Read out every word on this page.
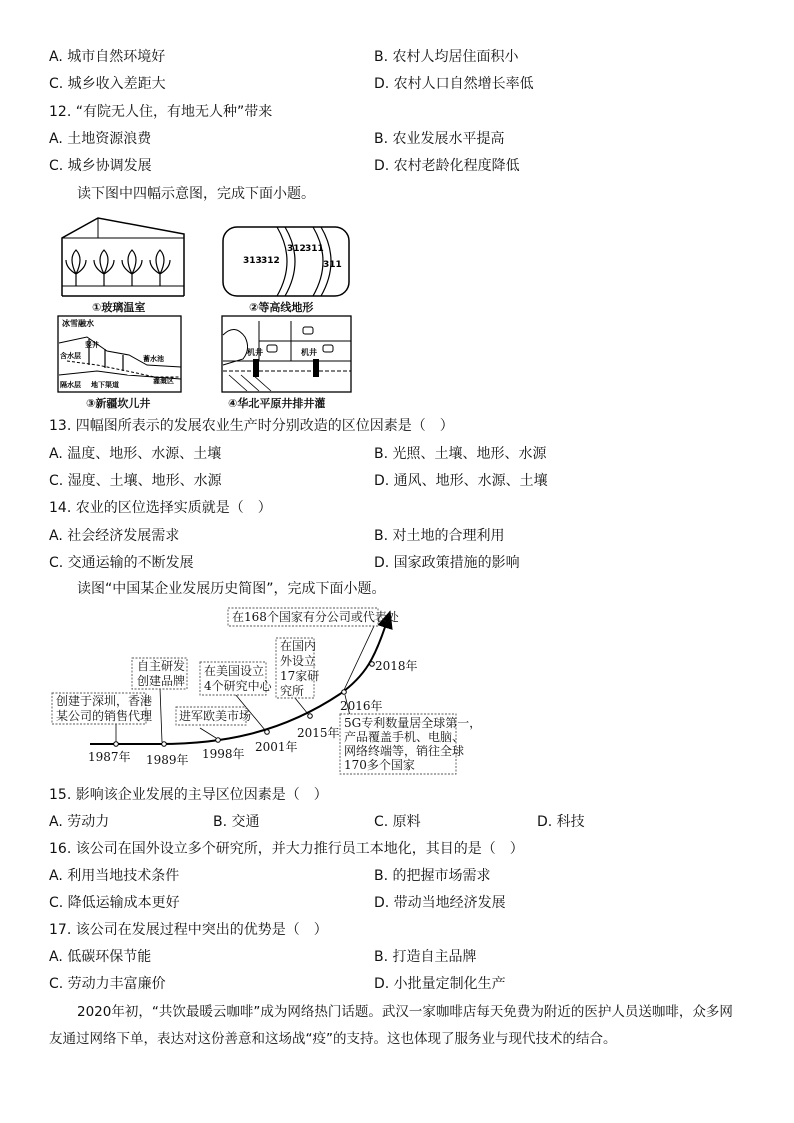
A. 城市自然环境好	B. 农村人均居住面积小
C. 城乡收入差距大	D. 农村人口自然增长率低
12. “有院无人住，有地无人种”带来
A. 土地资源浪费	B. 农业发展水平提高
C. 城乡协调发展	D. 农村老龄化程度降低
读下图中四幅示意图，完成下面小题。
①玻璃温室
313 312
312 311
311
②等高线地形
冰雪融水
含水层
竖井
蓄水池
隔水层 地下渠道	灌溉区
③新疆坎儿井
机井	机井
④华北平原井排井灌
13. 四幅图所表示的发展农业生产时分别改造的区位因素是（　）
A. 温度、地形、水源、土壤	B. 光照、土壤、地形、水源
C. 湿度、土壤、地形、水源	D. 通风、地形、水源、土壤
14. 农业的区位选择实质就是（　）
A. 社会经济发展需求	B. 对土地的合理利用
C. 交通运输的不断发展	D. 国家政策措施的影响
读图“中国某企业发展历史简图”，完成下面小题。
创建于深圳，香港
某公司的销售代理
自主研发
创建品牌
进军欧美市场
在美国设立
4个研究中心
在国内
外设立
17家研
究所
在168个国家有分公司或代表处
5G专利数量居全球第一，
产品覆盖手机、电脑、
网络终端等，销往全球
170多个国家
1987年 1989年 1998年 2001年
2015年
2016年
2018年
15. 影响该企业发展的主导区位因素是（　）
A. 劳动力	B. 交通	C. 原料	D. 科技
16. 该公司在国外设立多个研究所，并大力推行员工本地化，其目的是（　）
A. 利用当地技术条件	B. 的把握市场需求
C. 降低运输成本更好	D. 带动当地经济发展
17. 该公司在发展过程中突出的优势是（　）
A. 低碳环保节能	B. 打造自主品牌
C. 劳动力丰富廉价	D. 小批量定制化生产
2020年初，“共饮最暖云咖啡”成为网络热门话题。武汉一家咖啡店每天免费为附近的医护人员送咖啡，众多网
友通过网络下单，表达对这份善意和这场战“疫”的支持。这也体现了服务业与现代技术的结合。
